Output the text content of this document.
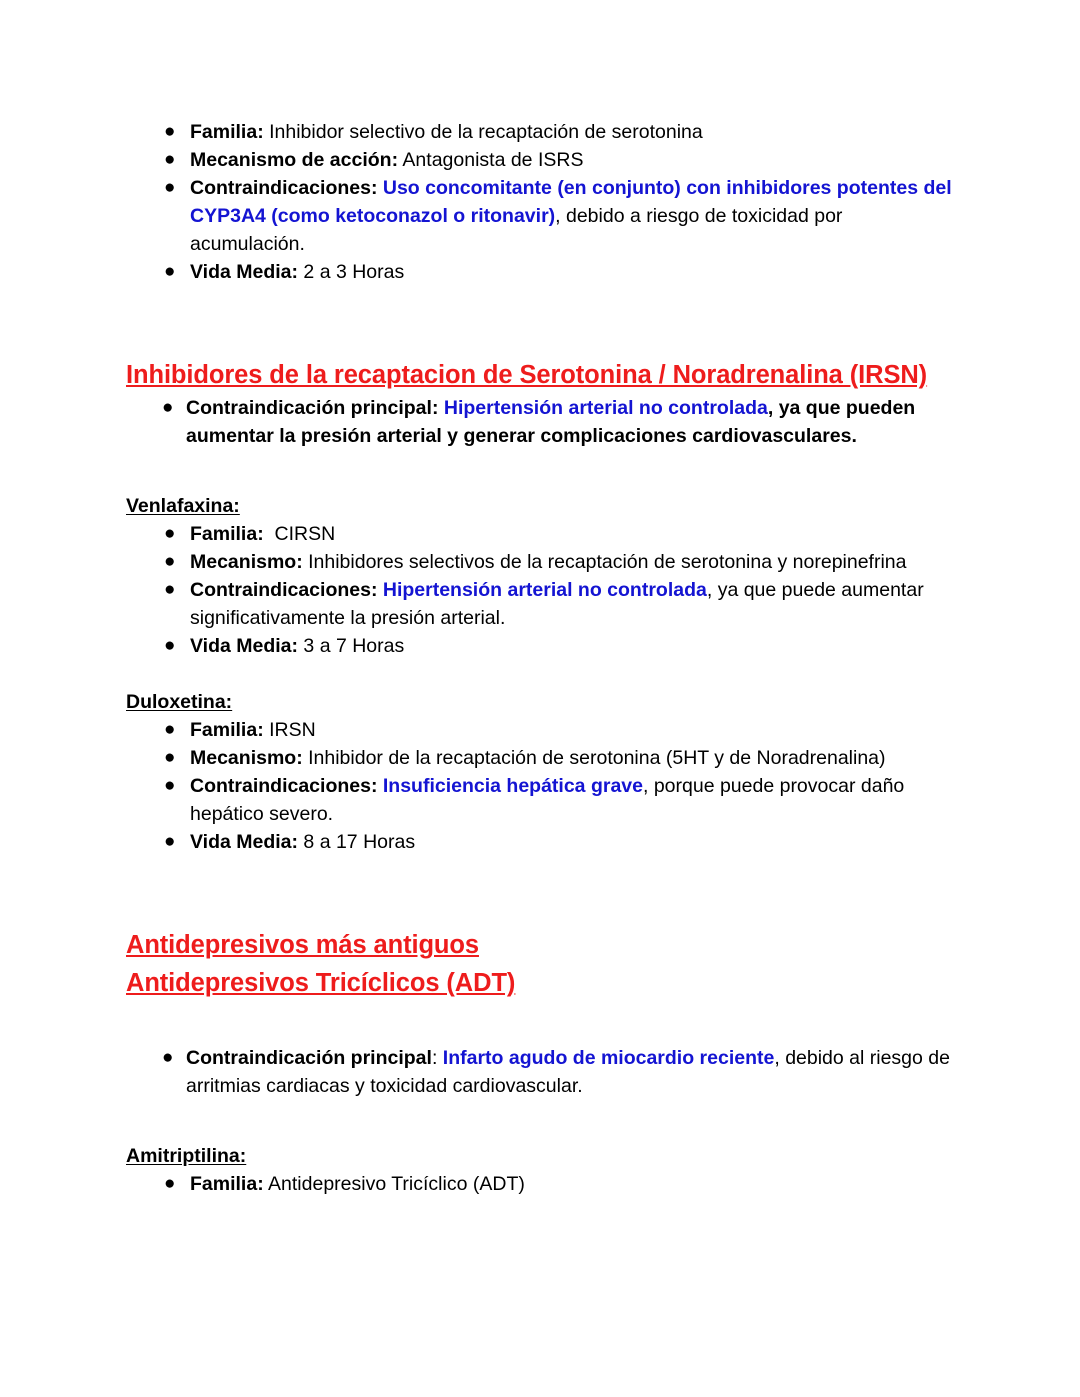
● Familia: Inhibidor selectivo de la recaptación de serotonina
● Mecanismo de acción: Antagonista de ISRS
● Contraindicaciones: Uso concomitante (en conjunto) con inhibidores potentes del CYP3A4 (como ketoconazol o ritonavir), debido a riesgo de toxicidad por acumulación.
● Vida Media: 2 a 3 Horas
Inhibidores de la recaptacion de Serotonina / Noradrenalina (IRSN)
● Contraindicación principal: Hipertensión arterial no controlada, ya que pueden aumentar la presión arterial y generar complicaciones cardiovasculares.
Venlafaxina:
● Familia:  CIRSN
● Mecanismo: Inhibidores selectivos de la recaptación de serotonina y norepinefrina
● Contraindicaciones: Hipertensión arterial no controlada, ya que puede aumentar significativamente la presión arterial.
● Vida Media: 3 a 7 Horas
Duloxetina:
● Familia: IRSN
● Mecanismo: Inhibidor de la recaptación de serotonina (5HT y de Noradrenalina)
● Contraindicaciones: Insuficiencia hepática grave, porque puede provocar daño hepático severo.
● Vida Media: 8 a 17 Horas
Antidepresivos más antiguos
Antidepresivos Tricíclicos (ADT)
● Contraindicación principal: Infarto agudo de miocardio reciente, debido al riesgo de arritmias cardiacas y toxicidad cardiovascular.
Amitriptilina:
● Familia: Antidepresivo Tricíclico (ADT)
